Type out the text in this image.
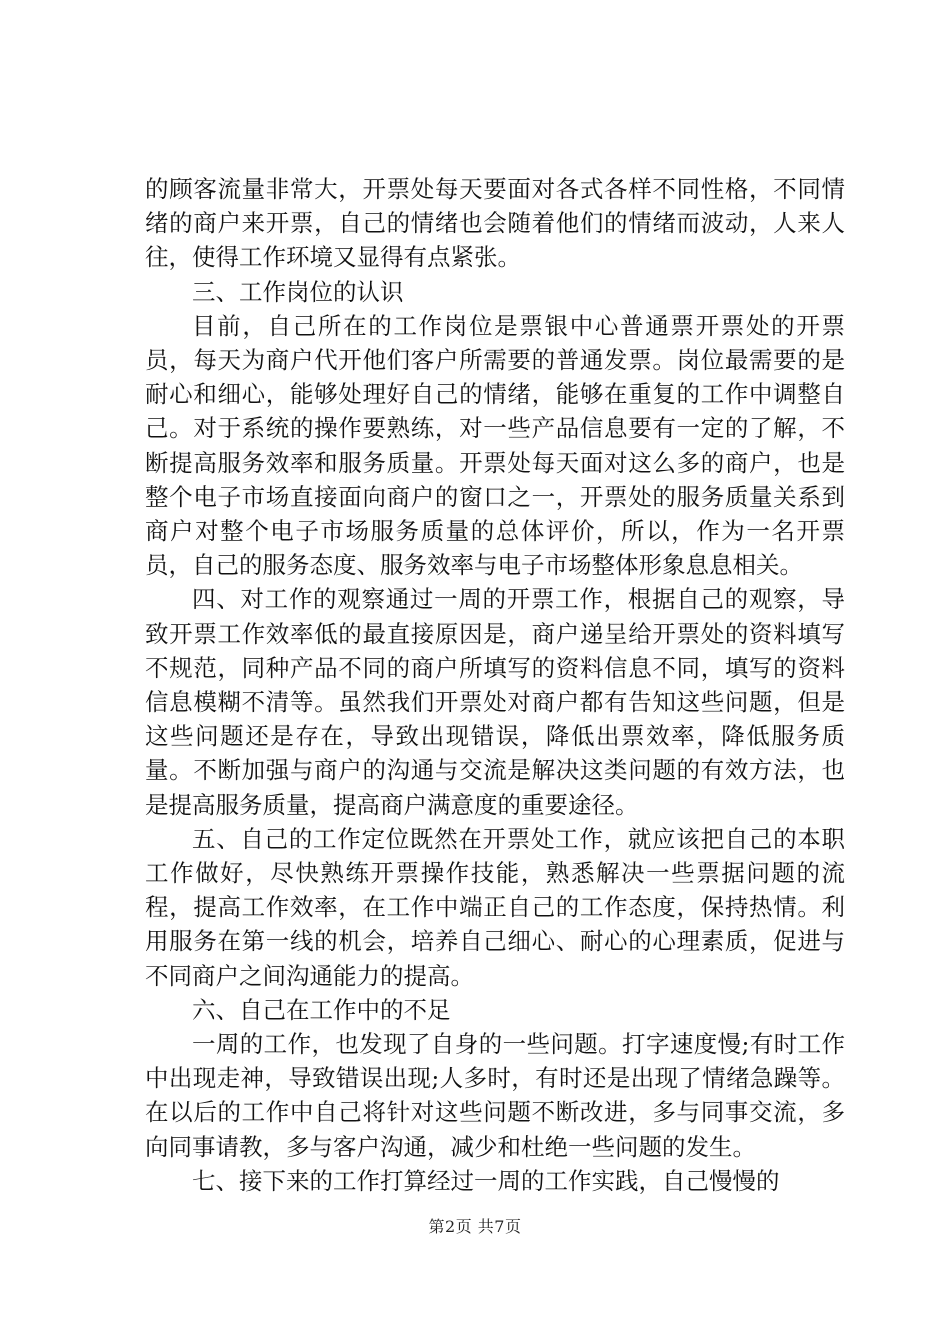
的顾客流量非常大，开票处每天要面对各式各样不同性格，不同情绪的商户来开票，自己的情绪也会随着他们的情绪而波动，人来人往，使得工作环境又显得有点紧张。

三、工作岗位的认识

目前，自己所在的工作岗位是票银中心普通票开票处的开票员，每天为商户代开他们客户所需要的普通发票。岗位最需要的是耐心和细心，能够处理好自己的情绪，能够在重复的工作中调整自己。对于系统的操作要熟练，对一些产品信息要有一定的了解，不断提高服务效率和服务质量。开票处每天面对这么多的商户，也是整个电子市场直接面向商户的窗口之一，开票处的服务质量关系到商户对整个电子市场服务质量的总体评价，所以，作为一名开票员，自己的服务态度、服务效率与电子市场整体形象息息相关。

四、对工作的观察通过一周的开票工作，根据自己的观察，导致开票工作效率低的最直接原因是，商户递呈给开票处的资料填写不规范，同种产品不同的商户所填写的资料信息不同，填写的资料信息模糊不清等。虽然我们开票处对商户都有告知这些问题，但是这些问题还是存在，导致出现错误，降低出票效率，降低服务质量。不断加强与商户的沟通与交流是解决这类问题的有效方法，也是提高服务质量，提高商户满意度的重要途径。

五、自己的工作定位既然在开票处工作，就应该把自己的本职工作做好，尽快熟练开票操作技能，熟悉解决一些票据问题的流程，提高工作效率，在工作中端正自己的工作态度，保持热情。利用服务在第一线的机会，培养自己细心、耐心的心理素质，促进与不同商户之间沟通能力的提高。

六、自己在工作中的不足

一周的工作，也发现了自身的一些问题。打字速度慢;有时工作中出现走神，导致错误出现;人多时，有时还是出现了情绪急躁等。在以后的工作中自己将针对这些问题不断改进，多与同事交流，多向同事请教，多与客户沟通，减少和杜绝一些问题的发生。

七、接下来的工作打算经过一周的工作实践，自己慢慢的

第2页 共7页
